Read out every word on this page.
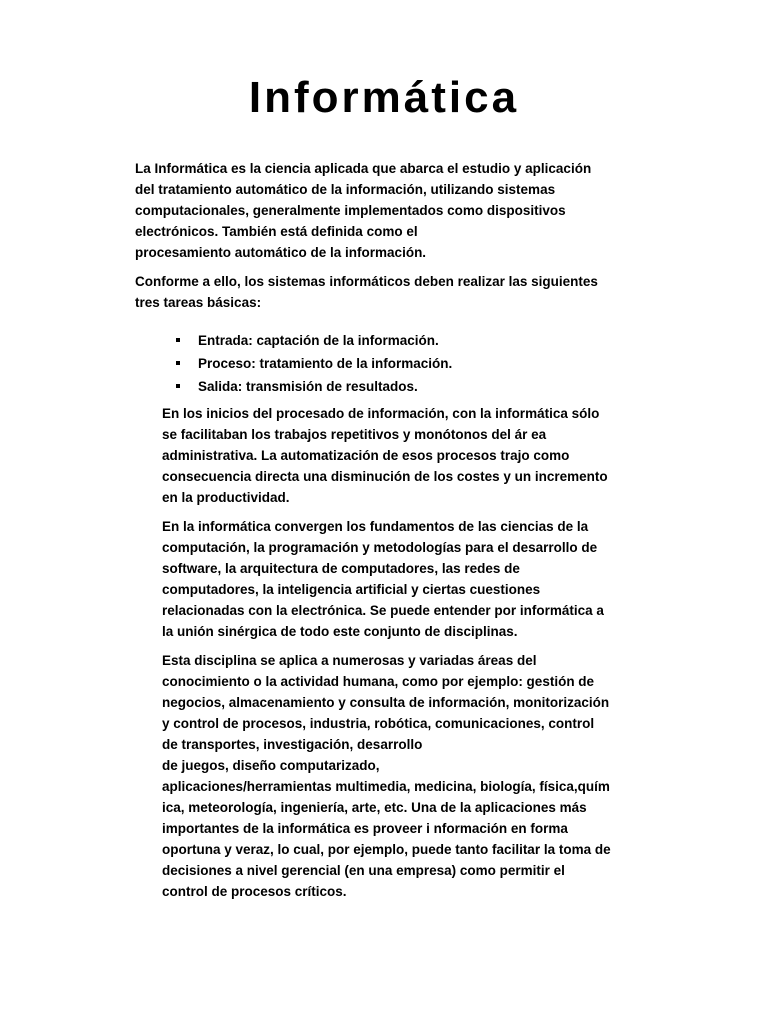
Informática

La Informática es la ciencia aplicada que abarca el estudio y aplicación
del tratamiento automático de la información, utilizando sistemas
computacionales, generalmente implementados como dispositivos
electrónicos. También está definida como el
procesamiento automático de la información.

Conforme a ello, los sistemas informáticos deben realizar las siguientes
tres tareas básicas:

Entrada: captación de la información.
Proceso: tratamiento de la información.
Salida: transmisión de resultados.

En los inicios del procesado de información, con la informática sólo
se facilitaban los trabajos repetitivos y monótonos del ár ea
administrativa. La automatización de esos procesos trajo como
consecuencia directa una disminución de los costes y un incremento
en la productividad.

En la informática convergen los fundamentos de las ciencias de la
computación, la programación y metodologías para el desarrollo de
software, la arquitectura de computadores, las redes de
computadores, la inteligencia artificial y ciertas cuestiones
relacionadas con la electrónica. Se puede entender por informática a
la unión sinérgica de todo este conjunto de disciplinas.

Esta disciplina se aplica a numerosas y variadas áreas del
conocimiento o la actividad humana, como por ejemplo: gestión de
negocios, almacenamiento y consulta de información, monitorización
y control de procesos, industria, robótica, comunicaciones, control
de transportes, investigación, desarrollo
de juegos, diseño computarizado,
aplicaciones/herramientas multimedia, medicina, biología, física,quím
ica, meteorología, ingeniería, arte, etc. Una de la aplicaciones más
importantes de la informática es proveer i nformación en forma
oportuna y veraz, lo cual, por ejemplo, puede tanto facilitar la toma de
decisiones a nivel gerencial (en una empresa) como permitir el
control de procesos críticos.
